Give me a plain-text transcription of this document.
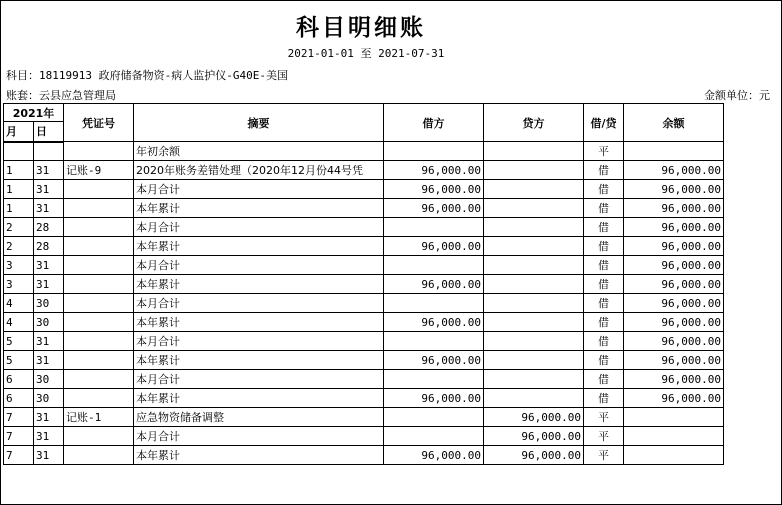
科目明细账
2021-01-01 至 2021-07-31
科目：18119913 政府储备物资-病人监护仪-G40E-美国
账套：云县应急管理局	金额单位：元
2021年		凭证号	摘要	借方	贷方	借/贷	余额
月	日						
			年初余额			平	
1	31	记账-9	2020年账务差错处理（2020年12月份44号凭	96,000.00		借	96,000.00
1	31		本月合计	96,000.00		借	96,000.00
1	31		本年累计	96,000.00		借	96,000.00
2	28		本月合计			借	96,000.00
2	28		本年累计	96,000.00		借	96,000.00
3	31		本月合计			借	96,000.00
3	31		本年累计	96,000.00		借	96,000.00
4	30		本月合计			借	96,000.00
4	30		本年累计	96,000.00		借	96,000.00
5	31		本月合计			借	96,000.00
5	31		本年累计	96,000.00		借	96,000.00
6	30		本月合计			借	96,000.00
6	30		本年累计	96,000.00		借	96,000.00
7	31	记账-1	应急物资储备调整		96,000.00	平	
7	31		本月合计		96,000.00	平	
7	31		本年累计	96,000.00	96,000.00	平	
